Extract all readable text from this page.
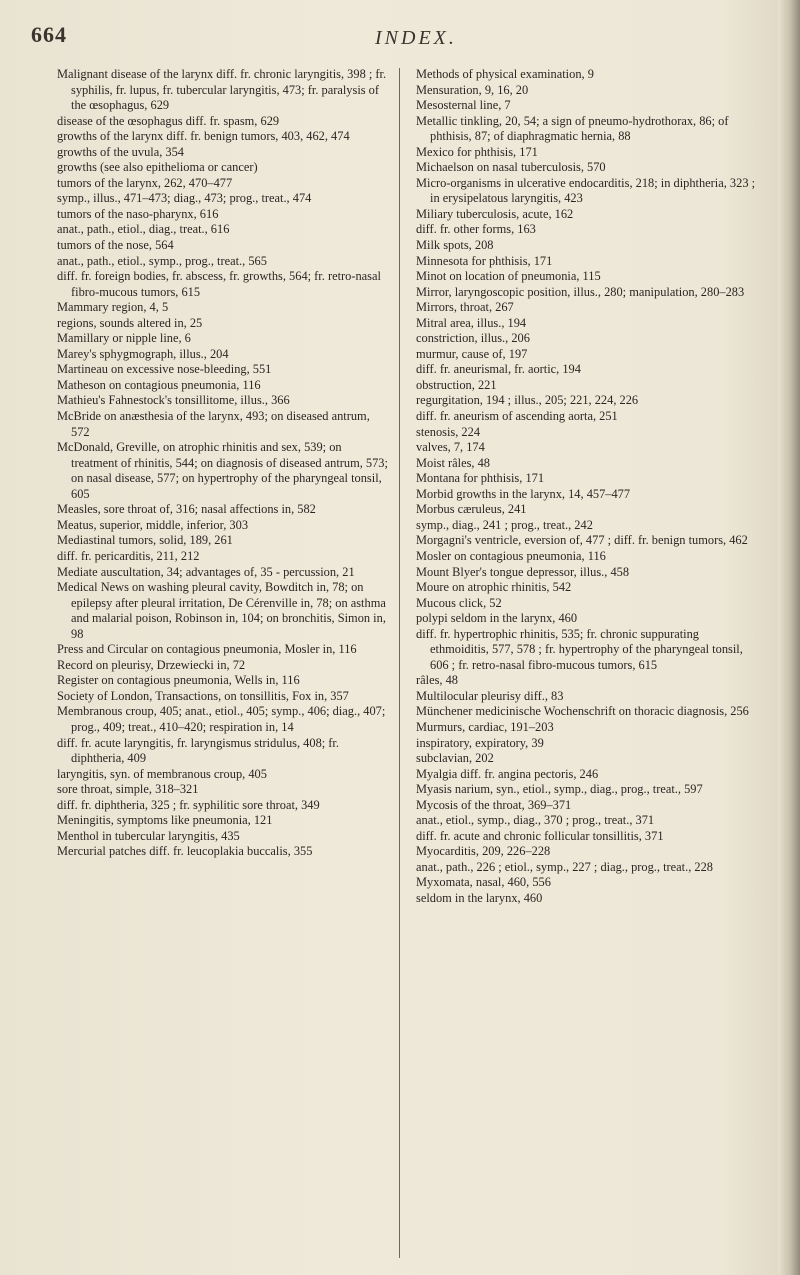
664	INDEX.

Malignant disease of the larynx diff. fr. chronic laryngitis, 398 ; fr. syphilis, fr. lupus, fr. tubercular laryngitis, 473; fr. paralysis of the œsophagus, 629

disease of the œsophagus diff. fr. spasm, 629

growths of the larynx diff. fr. benign tumors, 403, 462, 474

growths of the uvula, 354

growths (see also epithelioma or cancer)

tumors of the larynx, 262, 470–477

symp., illus., 471–473; diag., 473; prog., treat., 474

tumors of the naso-pharynx, 616

anat., path., etiol., diag., treat., 616

tumors of the nose, 564

anat., path., etiol., symp., prog., treat., 565

diff. fr. foreign bodies, fr. abscess, fr. growths, 564; fr. retro-nasal fibro-mucous tumors, 615

Mammary region, 4, 5

regions, sounds altered in, 25

Mamillary or nipple line, 6

Marey's sphygmograph, illus., 204

Martineau on excessive nose-bleeding, 551

Matheson on contagious pneumonia, 116

Mathieu's Fahnestock's tonsillitome, illus., 366

McBride on anæsthesia of the larynx, 493; on diseased antrum, 572

McDonald, Greville, on atrophic rhinitis and sex, 539; on treatment of rhinitis, 544; on diagnosis of diseased antrum, 573; on nasal disease, 577; on hypertrophy of the pharyngeal tonsil, 605

Measles, sore throat of, 316; nasal affections in, 582

Meatus, superior, middle, inferior, 303

Mediastinal tumors, solid, 189, 261

diff. fr. pericarditis, 211, 212

Mediate auscultation, 34; advantages of, 35 - percussion, 21

Medical News on washing pleural cavity, Bowditch in, 78; on epilepsy after pleural irritation, De Cérenville in, 78; on asthma and malarial poison, Robinson in, 104; on bronchitis, Simon in, 98

Press and Circular on contagious pneumonia, Mosler in, 116

Record on pleurisy, Drzewiecki in, 72

Register on contagious pneumonia, Wells in, 116

Society of London, Transactions, on tonsillitis, Fox in, 357

Membranous croup, 405; anat., etiol., 405; symp., 406; diag., 407; prog., 409; treat., 410–420; respiration in, 14

diff. fr. acute laryngitis, fr. laryngismus stridulus, 408; fr. diphtheria, 409

laryngitis, syn. of membranous croup, 405

sore throat, simple, 318–321

diff. fr. diphtheria, 325 ; fr. syphilitic sore throat, 349

Meningitis, symptoms like pneumonia, 121

Menthol in tubercular laryngitis, 435

Mercurial patches diff. fr. leucoplakia buccalis, 355

Methods of physical examination, 9

Mensuration, 9, 16, 20

Mesosternal line, 7

Metallic tinkling, 20, 54; a sign of pneumo-hydrothorax, 86; of phthisis, 87; of diaphragmatic hernia, 88

Mexico for phthisis, 171

Michaelson on nasal tuberculosis, 570

Micro-organisms in ulcerative endocarditis, 218; in diphtheria, 323 ; in erysipelatous laryngitis, 423

Miliary tuberculosis, acute, 162

diff. fr. other forms, 163

Milk spots, 208

Minnesota for phthisis, 171

Minot on location of pneumonia, 115

Mirror, laryngoscopic position, illus., 280; manipulation, 280–283

Mirrors, throat, 267

Mitral area, illus., 194

constriction, illus., 206

murmur, cause of, 197

diff. fr. aneurismal, fr. aortic, 194

obstruction, 221

regurgitation, 194 ; illus., 205; 221, 224, 226

diff. fr. aneurism of ascending aorta, 251

stenosis, 224

valves, 7, 174

Moist râles, 48

Montana for phthisis, 171

Morbid growths in the larynx, 14, 457–477

Morbus cæruleus, 241

symp., diag., 241 ; prog., treat., 242

Morgagni's ventricle, eversion of, 477 ; diff. fr. benign tumors, 462

Mosler on contagious pneumonia, 116

Mount Blyer's tongue depressor, illus., 458

Moure on atrophic rhinitis, 542

Mucous click, 52

polypi seldom in the larynx, 460

diff. fr. hypertrophic rhinitis, 535; fr. chronic suppurating ethmoiditis, 577, 578 ; fr. hypertrophy of the pharyngeal tonsil, 606 ; fr. retro-nasal fibro-mucous tumors, 615

râles, 48

Multilocular pleurisy diff., 83

Münchener medicinische Wochenschrift on thoracic diagnosis, 256

Murmurs, cardiac, 191–203

inspiratory, expiratory, 39

subclavian, 202

Myalgia diff. fr. angina pectoris, 246

Myasis narium, syn., etiol., symp., diag., prog., treat., 597

Mycosis of the throat, 369–371

anat., etiol., symp., diag., 370 ; prog., treat., 371

diff. fr. acute and chronic follicular tonsillitis, 371

Myocarditis, 209, 226–228

anat., path., 226 ; etiol., symp., 227 ; diag., prog., treat., 228

Myxomata, nasal, 460, 556

seldom in the larynx, 460
